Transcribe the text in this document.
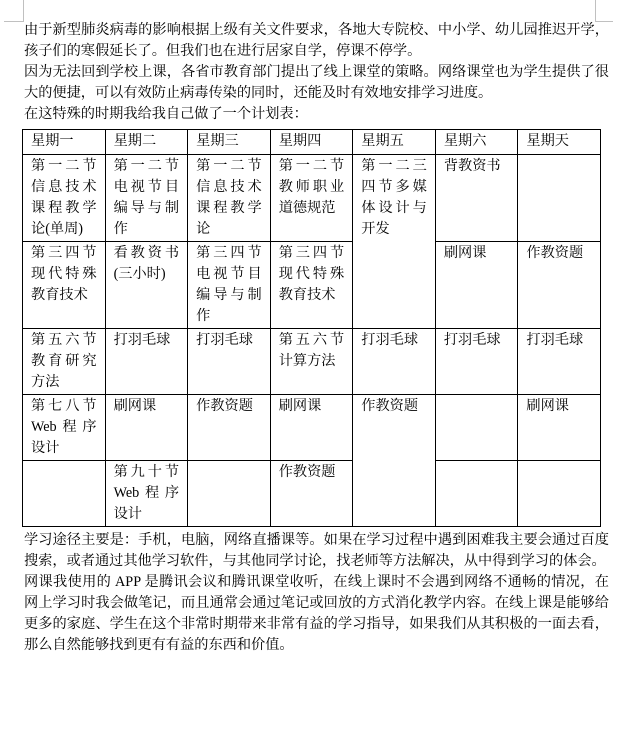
由于新型肺炎病毒的影响根据上级有关文件要求，各地大专院校、中小学、幼儿园推迟开学，孩子们的寒假延长了。但我们也在进行居家自学，停课不停学。

因为无法回到学校上课，各省市教育部门提出了线上课堂的策略。网络课堂也为学生提供了很大的便捷，可以有效防止病毒传染的同时，还能及时有效地安排学习进度。

在这特殊的时期我给我自己做了一个计划表：

星期一	星期二	星期三	星期四	星期五	星期六	星期天
第一二节信息技术课程教学论(单周)	第一二节电视节目编导与制作	第一二节信息技术课程教学论	第一二节教师职业道德规范	第一二三四节多媒体设计与开发	背教资书	
第三四节现代特殊教育技术	看教资书(三小时)	第三四节电视节目编导与制作	第三四节现代特殊教育技术		刷网课	作教资题
第五六节教育研究方法	打羽毛球	打羽毛球	第五六节计算方法	打羽毛球	打羽毛球	打羽毛球
第七八节Web程序设计	刷网课	作教资题	刷网课	作教资题		刷网课
	第九十节Web程序设计		作教资题			

学习途径主要是：手机，电脑，网络直播课等。如果在学习过程中遇到困难我主要会通过百度搜索，或者通过其他学习软件，与其他同学讨论，找老师等方法解决，从中得到学习的体会。

网课我使用的 APP 是腾讯会议和腾讯课堂收听，在线上课时不会遇到网络不通畅的情况，在网上学习时我会做笔记，而且通常会通过笔记或回放的方式消化教学内容。在线上课是能够给更多的家庭、学生在这个非常时期带来非常有益的学习指导，如果我们从其积极的一面去看，那么自然能够找到更有有益的东西和价值。
